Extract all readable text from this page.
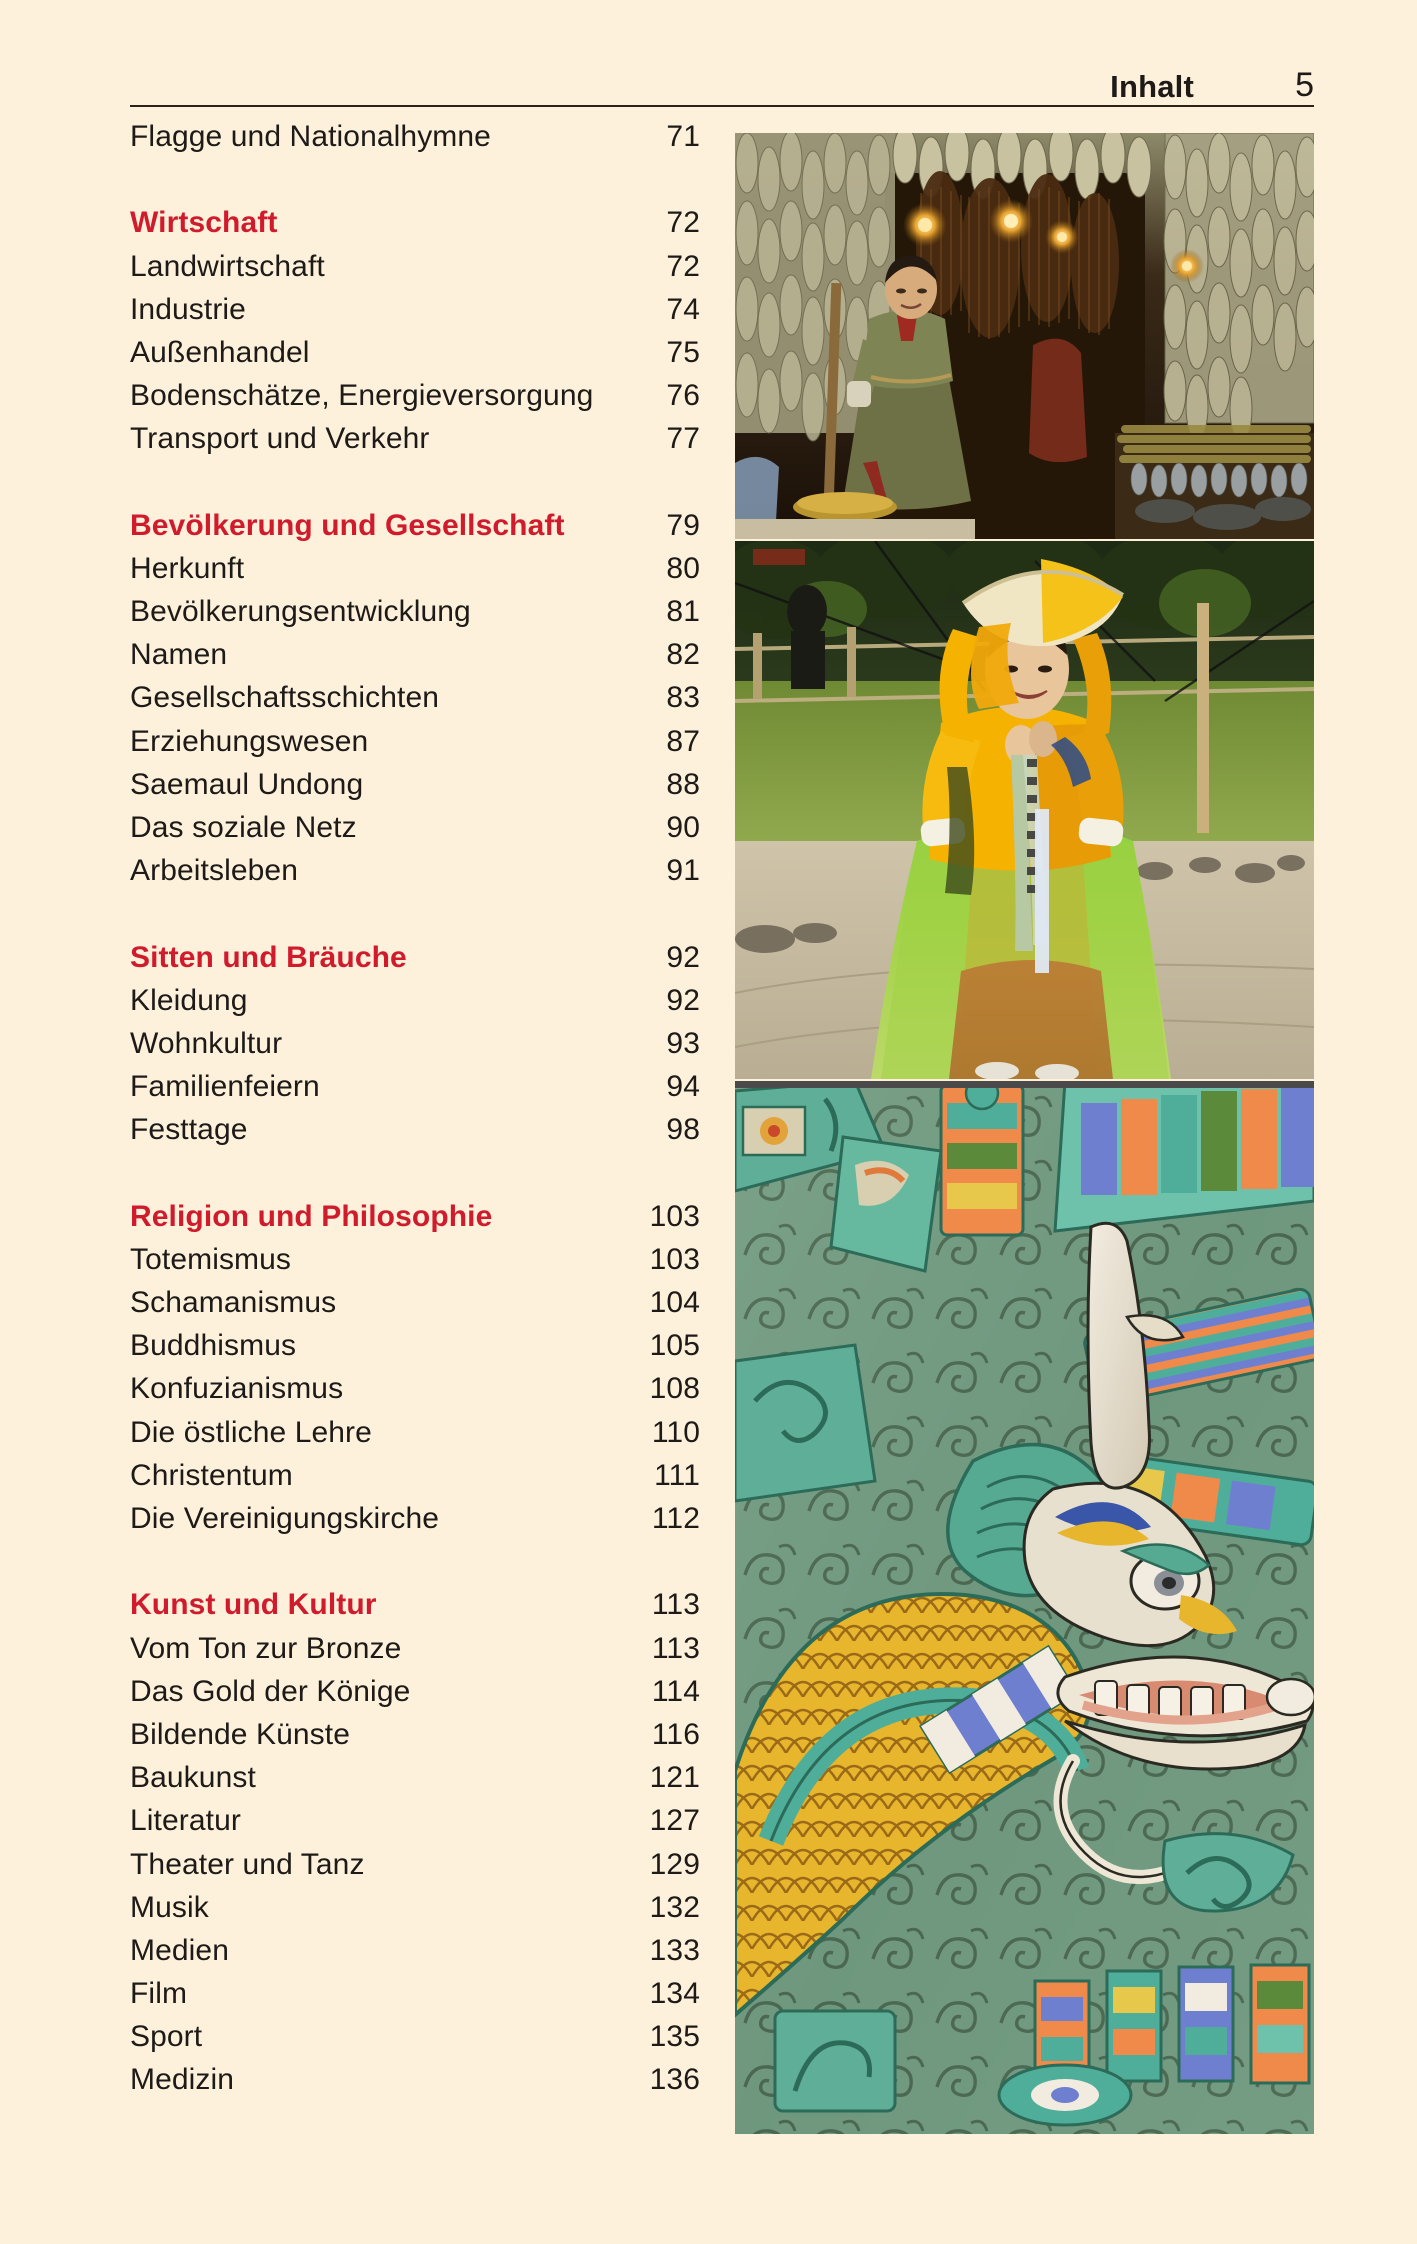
Inhalt	5
Flagge und Nationalhymne	71
Wirtschaft	72
Landwirtschaft	72
Industrie	74
Außenhandel	75
Bodenschätze, Energieversorgung	76
Transport und Verkehr	77
Bevölkerung und Gesellschaft	79
Herkunft	80
Bevölkerungsentwicklung	81
Namen	82
Gesellschaftsschichten	83
Erziehungswesen	87
Saemaul Undong	88
Das soziale Netz	90
Arbeitsleben	91
Sitten und Bräuche	92
Kleidung	92
Wohnkultur	93
Familienfeiern	94
Festtage	98
Religion und Philosophie	103
Totemismus	103
Schamanismus	104
Buddhismus	105
Konfuzianismus	108
Die östliche Lehre	110
Christentum	111
Die Vereinigungskirche	112
Kunst und Kultur	113
Vom Ton zur Bronze	113
Das Gold der Könige	114
Bildende Künste	116
Baukunst	121
Literatur	127
Theater und Tanz	129
Musik	132
Medien	133
Film	134
Sport	135
Medizin	136
